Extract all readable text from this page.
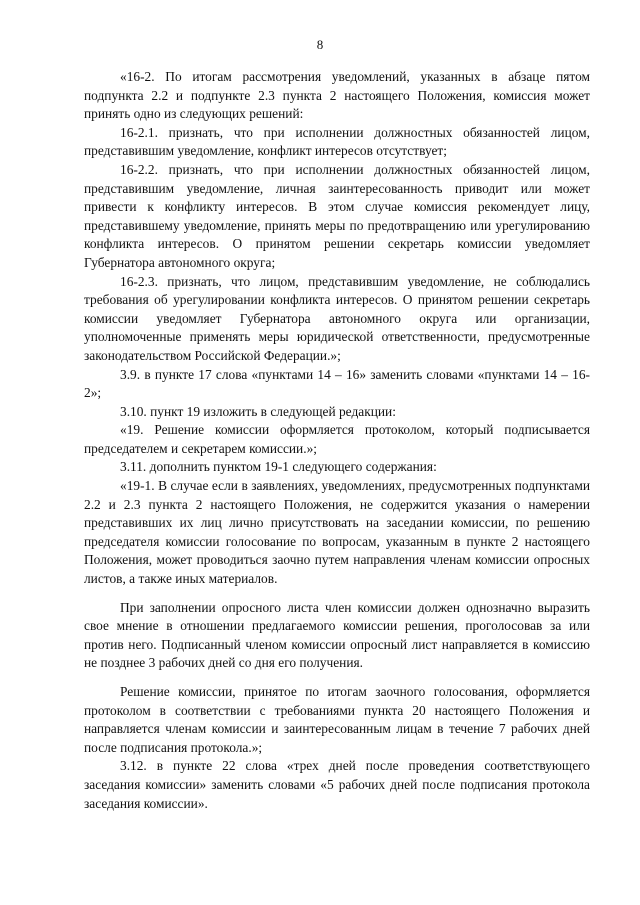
8

«16-2. По итогам рассмотрения уведомлений, указанных в абзаце пятом подпункта 2.2 и подпункте 2.3 пункта 2 настоящего Положения, комиссия может принять одно из следующих решений:

16-2.1. признать, что при исполнении должностных обязанностей лицом, представившим уведомление, конфликт интересов отсутствует;

16-2.2. признать, что при исполнении должностных обязанностей лицом, представившим уведомление, личная заинтересованность приводит или может привести к конфликту интересов. В этом случае комиссия рекомендует лицу, представившему уведомление, принять меры по предотвращению или урегулированию конфликта интересов. О принятом решении секретарь комиссии уведомляет Губернатора автономного округа;

16-2.3. признать, что лицом, представившим уведомление, не соблюдались требования об урегулировании конфликта интересов. О принятом решении секретарь комиссии уведомляет Губернатора автономного округа или организации, уполномоченные применять меры юридической ответственности, предусмотренные законодательством Российской Федерации.»;

3.9. в пункте 17 слова «пунктами 14 – 16» заменить словами «пунктами 14 – 16-2»;

3.10. пункт 19 изложить в следующей редакции:

«19. Решение комиссии оформляется протоколом, который подписывается председателем и секретарем комиссии.»;

3.11. дополнить пунктом 19-1 следующего содержания:

«19-1. В случае если в заявлениях, уведомлениях, предусмотренных подпунктами 2.2 и 2.3 пункта 2 настоящего Положения, не содержится указания о намерении представивших их лиц лично присутствовать на заседании комиссии, по решению председателя комиссии голосование по вопросам, указанным в пункте 2 настоящего Положения, может проводиться заочно путем направления членам комиссии опросных листов, а также иных материалов.

При заполнении опросного листа член комиссии должен однозначно выразить свое мнение в отношении предлагаемого комиссии решения, проголосовав за или против него. Подписанный членом комиссии опросный лист направляется в комиссию не позднее 3 рабочих дней со дня его получения.

Решение комиссии, принятое по итогам заочного голосования, оформляется протоколом в соответствии с требованиями пункта 20 настоящего Положения и направляется членам комиссии и заинтересованным лицам в течение 7 рабочих дней после подписания протокола.»;

3.12. в пункте 22 слова «трех дней после проведения соответствующего заседания комиссии» заменить словами «5 рабочих дней после подписания протокола заседания комиссии».
